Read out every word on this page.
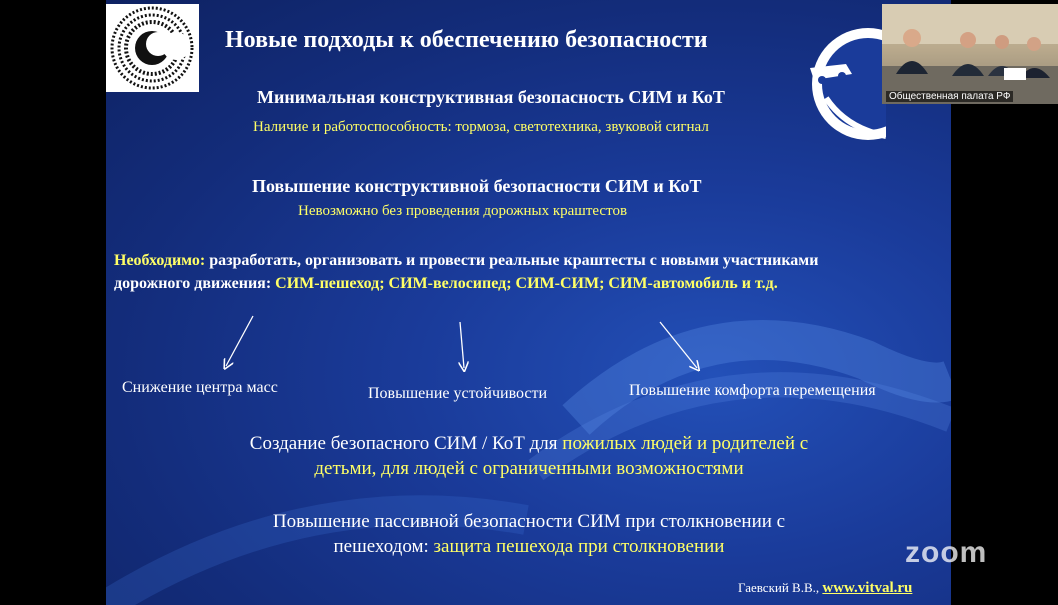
Новые подходы к обеспечению безопасности
Минимальная конструктивная безопасность СИМ и КоТ
Наличие и работоспособность: тормоза, светотехника, звуковой сигнал
Повышение конструктивной безопасности СИМ и КоТ
Невозможно без проведения дорожных краштестов
Необходимо: разработать, организовать и провести реальные краштесты с новыми участниками
дорожного движения: СИМ-пешеход; СИМ-велосипед; СИМ-СИМ; СИМ-автомобиль и т.д.
Снижение центра масс	Повышение устойчивости	Повышение комфорта перемещения
Создание безопасного СИМ / КоТ для пожилых людей и родителей с
детьми, для людей с ограниченными возможностями
Повышение пассивной безопасности СИМ при столкновении с
пешеходом: защита пешехода при столкновении
Гаевский В.В., www.vitval.ru
Общественная палата РФ
zoom
